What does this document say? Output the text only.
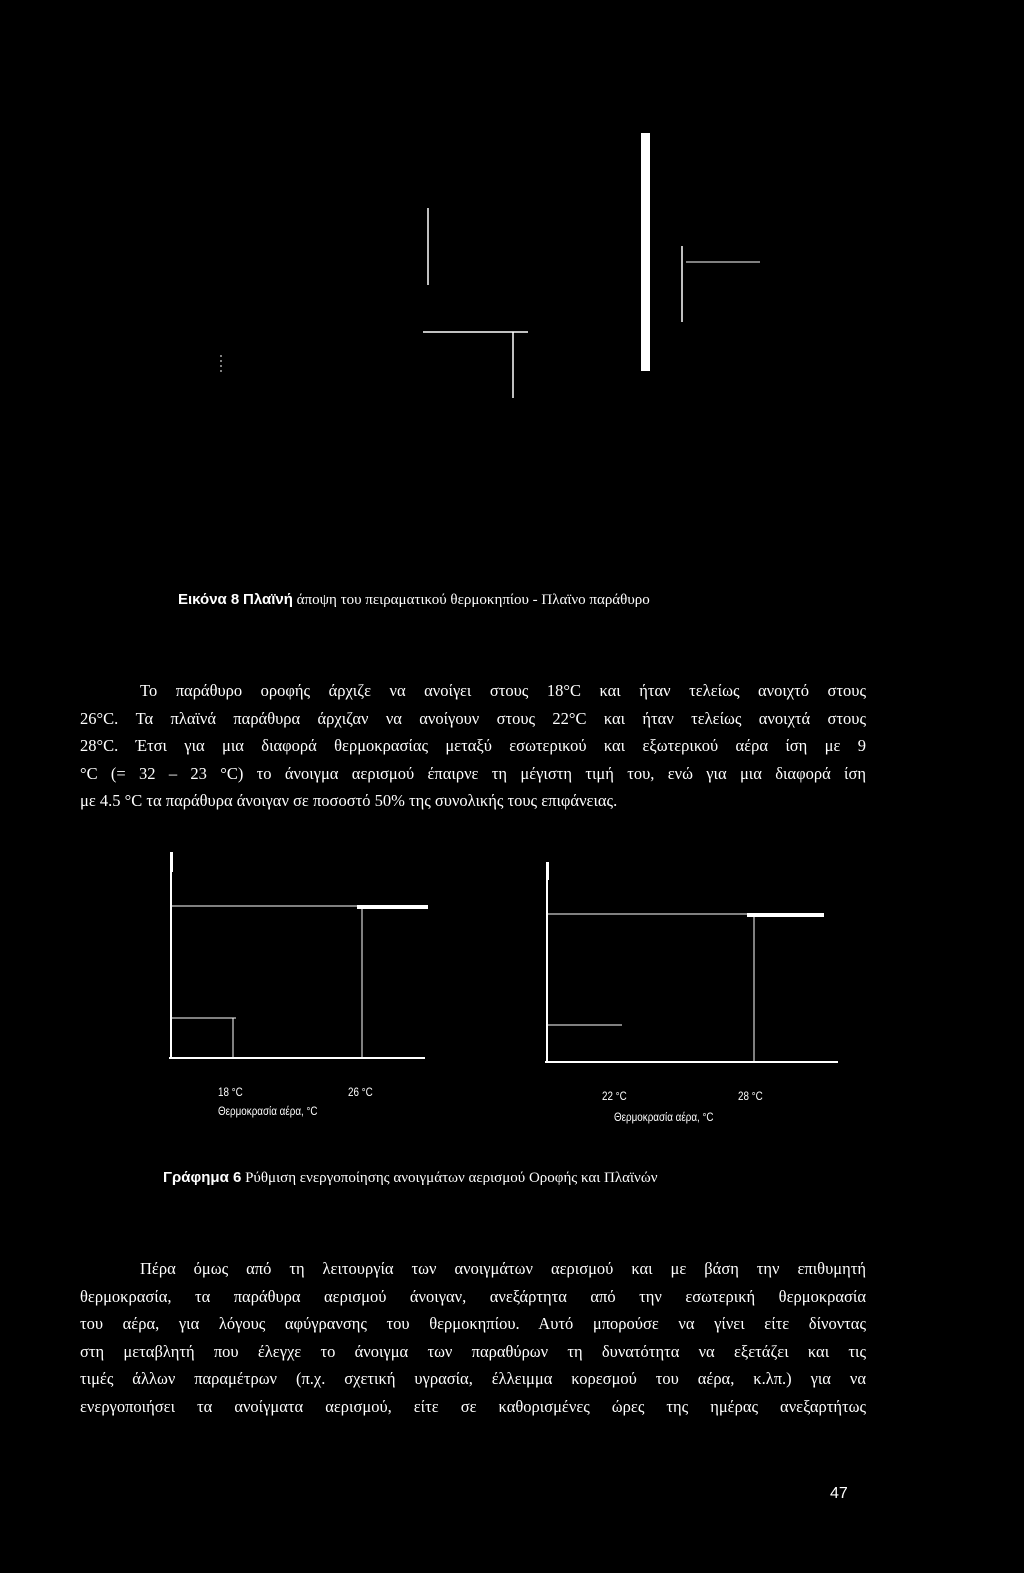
Εικόνα 8 Πλαϊνή άποψη του πειραματικού θερμοκηπίου - Πλαϊνο παράθυρο
Το παράθυρο οροφής άρχιζε να ανοίγει στους 18°C και ήταν τελείως ανοιχτό στους
26°C. Τα πλαϊνά παράθυρα άρχιζαν να ανοίγουν στους 22°C και ήταν τελείως ανοιχτά στους
28°C. Έτσι για μια διαφορά θερμοκρασίας μεταξύ εσωτερικού και εξωτερικού αέρα ίση με 9
°C (= 32 – 23 °C) το άνοιγμα αερισμού έπαιρνε τη μέγιστη τιμή του, ενώ για μια διαφορά ίση
με 4.5 °C τα παράθυρα άνοιγαν σε ποσοστό 50% της συνολικής τους επιφάνειας.
18 °C	26 °C
Θερμοκρασία αέρα, °C
22 °C	28 °C
Θερμοκρασία αέρα, °C
Γράφημα 6 Ρύθμιση ενεργοποίησης ανοιγμάτων αερισμού Οροφής και Πλαϊνών
Πέρα όμως από τη λειτουργία των ανοιγμάτων αερισμού και με βάση την επιθυμητή
θερμοκρασία, τα παράθυρα αερισμού άνοιγαν, ανεξάρτητα από την εσωτερική θερμοκρασία
του αέρα, για λόγους αφύγρανσης του θερμοκηπίου. Αυτό μπορούσε να γίνει είτε δίνοντας
στη μεταβλητή που έλεγχε το άνοιγμα των παραθύρων τη δυνατότητα να εξετάζει και τις
τιμές άλλων παραμέτρων (π.χ. σχετική υγρασία, έλλειμμα κορεσμού του αέρα, κ.λπ.) για να
ενεργοποιήσει τα ανοίγματα αερισμού, είτε σε καθορισμένες ώρες της ημέρας ανεξαρτήτως
47
